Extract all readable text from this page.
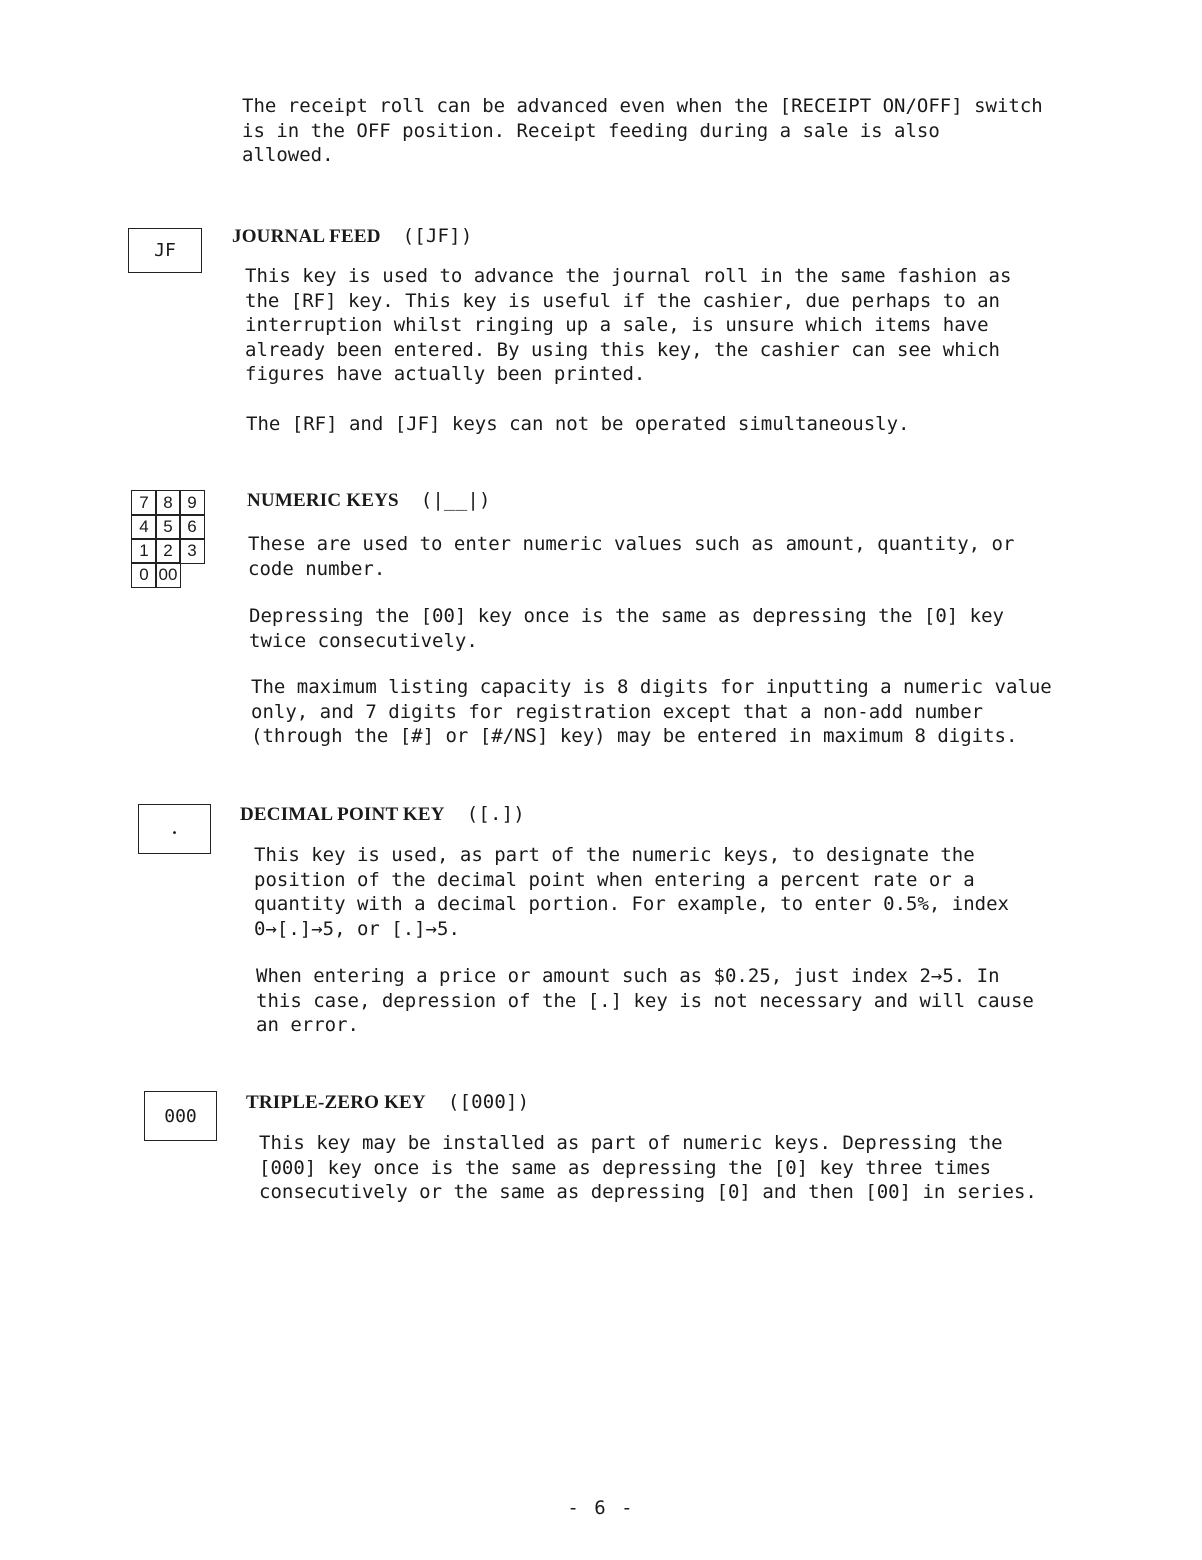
The receipt roll can be advanced even when the [RECEIPT ON/OFF] switch
is in the OFF position. Receipt feeding during a sale is also
allowed.

JF
JOURNAL FEED ([JF])

This key is used to advance the journal roll in the same fashion as
the [RF] key. This key is useful if the cashier, due perhaps to an
interruption whilst ringing up a sale, is unsure which items have
already been entered. By using this key, the cashier can see which
figures have actually been printed.

The [RF] and [JF] keys can not be operated simultaneously.

7 8 9
4 5 6
1 2 3
0 00
NUMERIC KEYS (|__|)

These are used to enter numeric values such as amount, quantity, or
code number.

Depressing the [00] key once is the same as depressing the [0] key
twice consecutively.

The maximum listing capacity is 8 digits for inputting a numeric value
only, and 7 digits for registration except that a non-add number
(through the [#] or [#/NS] key) may be entered in maximum 8 digits.

•
DECIMAL POINT KEY ([.])

This key is used, as part of the numeric keys, to designate the
position of the decimal point when entering a percent rate or a
quantity with a decimal portion. For example, to enter 0.5%, index
0→[.]→5, or [.]→5.

When entering a price or amount such as $0.25, just index 2→5. In
this case, depression of the [.] key is not necessary and will cause
an error.

000
TRIPLE-ZERO KEY ([000])

This key may be installed as part of numeric keys. Depressing the
[000] key once is the same as depressing the [0] key three times
consecutively or the same as depressing [0] and then [00] in series.

- 6 -
